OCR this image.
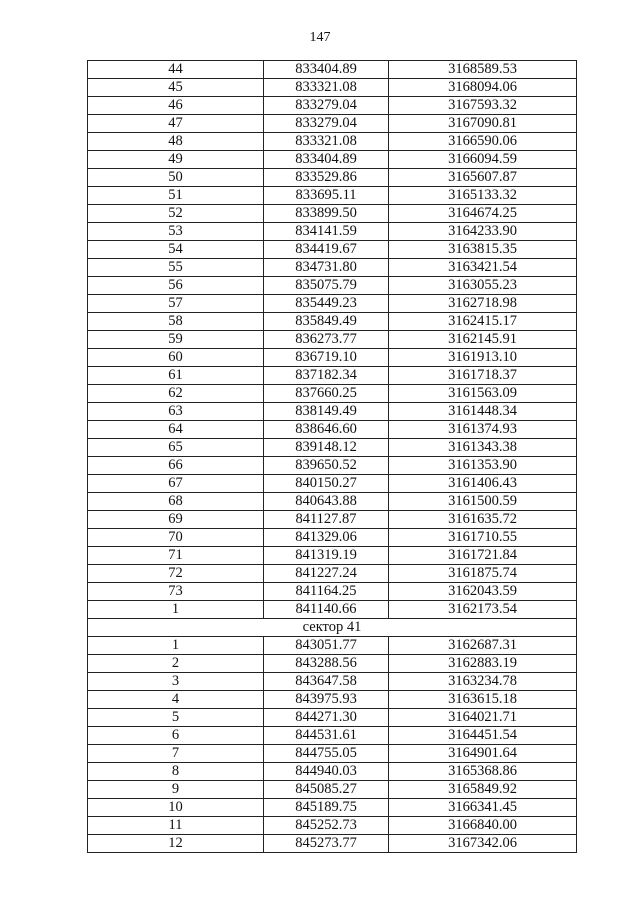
147
44	833404.89	3168589.53
45	833321.08	3168094.06
46	833279.04	3167593.32
47	833279.04	3167090.81
48	833321.08	3166590.06
49	833404.89	3166094.59
50	833529.86	3165607.87
51	833695.11	3165133.32
52	833899.50	3164674.25
53	834141.59	3164233.90
54	834419.67	3163815.35
55	834731.80	3163421.54
56	835075.79	3163055.23
57	835449.23	3162718.98
58	835849.49	3162415.17
59	836273.77	3162145.91
60	836719.10	3161913.10
61	837182.34	3161718.37
62	837660.25	3161563.09
63	838149.49	3161448.34
64	838646.60	3161374.93
65	839148.12	3161343.38
66	839650.52	3161353.90
67	840150.27	3161406.43
68	840643.88	3161500.59
69	841127.87	3161635.72
70	841329.06	3161710.55
71	841319.19	3161721.84
72	841227.24	3161875.74
73	841164.25	3162043.59
1	841140.66	3162173.54
сектор 41		
1	843051.77	3162687.31
2	843288.56	3162883.19
3	843647.58	3163234.78
4	843975.93	3163615.18
5	844271.30	3164021.71
6	844531.61	3164451.54
7	844755.05	3164901.64
8	844940.03	3165368.86
9	845085.27	3165849.92
10	845189.75	3166341.45
11	845252.73	3166840.00
12	845273.77	3167342.06
